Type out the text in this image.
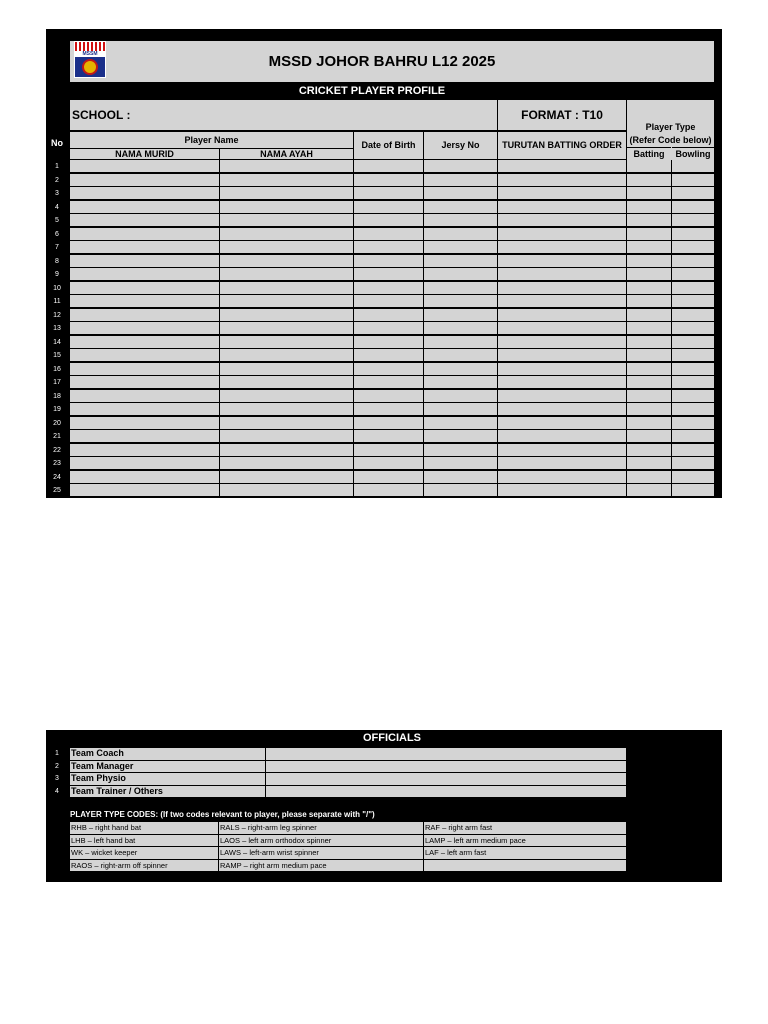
MSSD JOHOR BAHRU L12 2025
MSSM
CRICKET PLAYER PROFILE
SCHOOL :	FORMAT : T10
Player Type
(Refer Code below)
No	Player Name
NAMA MURID	NAMA AYAH
Date of Birth	Jersy No	TURUTAN BATTING ORDER
Batting	Bowling
1
2
3
4
5
6
7
8
9
10
11
12
13
14
15
16
17
18
19
20
21
22
23
24
25
OFFICIALS
1	Team Coach
2	Team Manager
3	Team Physio
4	Team Trainer / Others
PLAYER TYPE CODES: (If two codes relevant to player, please separate with "/")
RHB – right hand bat	RALS – right-arm leg spinner	RAF – right arm fast
LHB – left hand bat	LAOS – left arm orthodox spinner	LAMP – left arm medium pace
WK – wicket keeper	LAWS – left-arm wrist spinner	LAF – left arm fast
RAOS – right-arm off spinner	RAMP – right arm medium pace
